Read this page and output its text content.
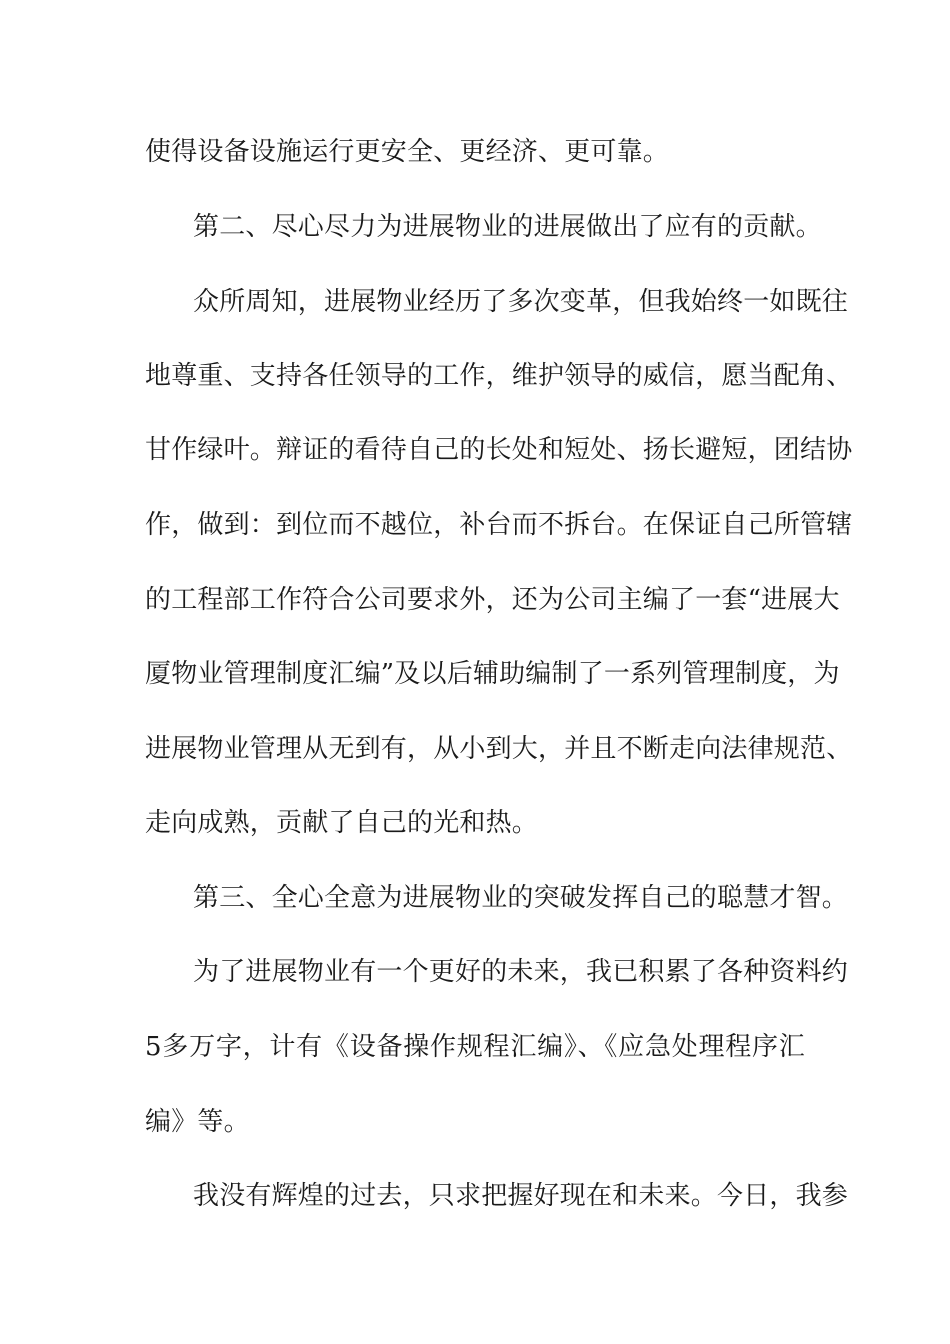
使得设备设施运行更安全、更经济、更可靠。
第二、尽心尽力为进展物业的进展做出了应有的贡献。
众所周知，进展物业经历了多次变革，但我始终一如既往
地尊重、支持各任领导的工作，维护领导的威信，愿当配角、
甘作绿叶。辩证的看待自己的长处和短处、扬长避短，团结协
作，做到：到位而不越位，补台而不拆台。在保证自己所管辖
的工程部工作符合公司要求外，还为公司主编了一套“进展大
厦物业管理制度汇编”及以后辅助编制了一系列管理制度，为
进展物业管理从无到有，从小到大，并且不断走向法律规范、
走向成熟，贡献了自己的光和热。
第三、全心全意为进展物业的突破发挥自己的聪慧才智。
为了进展物业有一个更好的未来，我已积累了各种资料约
5多万字，计有《设备操作规程汇编》、《应急处理程序汇
编》等。
我没有辉煌的过去，只求把握好现在和未来。今日，我参
